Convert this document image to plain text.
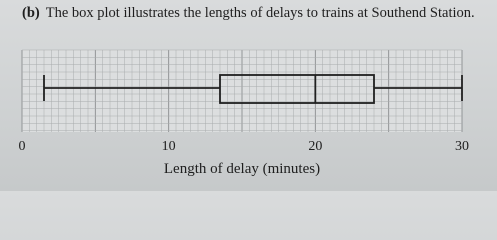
(b) The box plot illustrates the lengths of delays to trains at Southend Station.
0	10	20	30
Length of delay (minutes)
